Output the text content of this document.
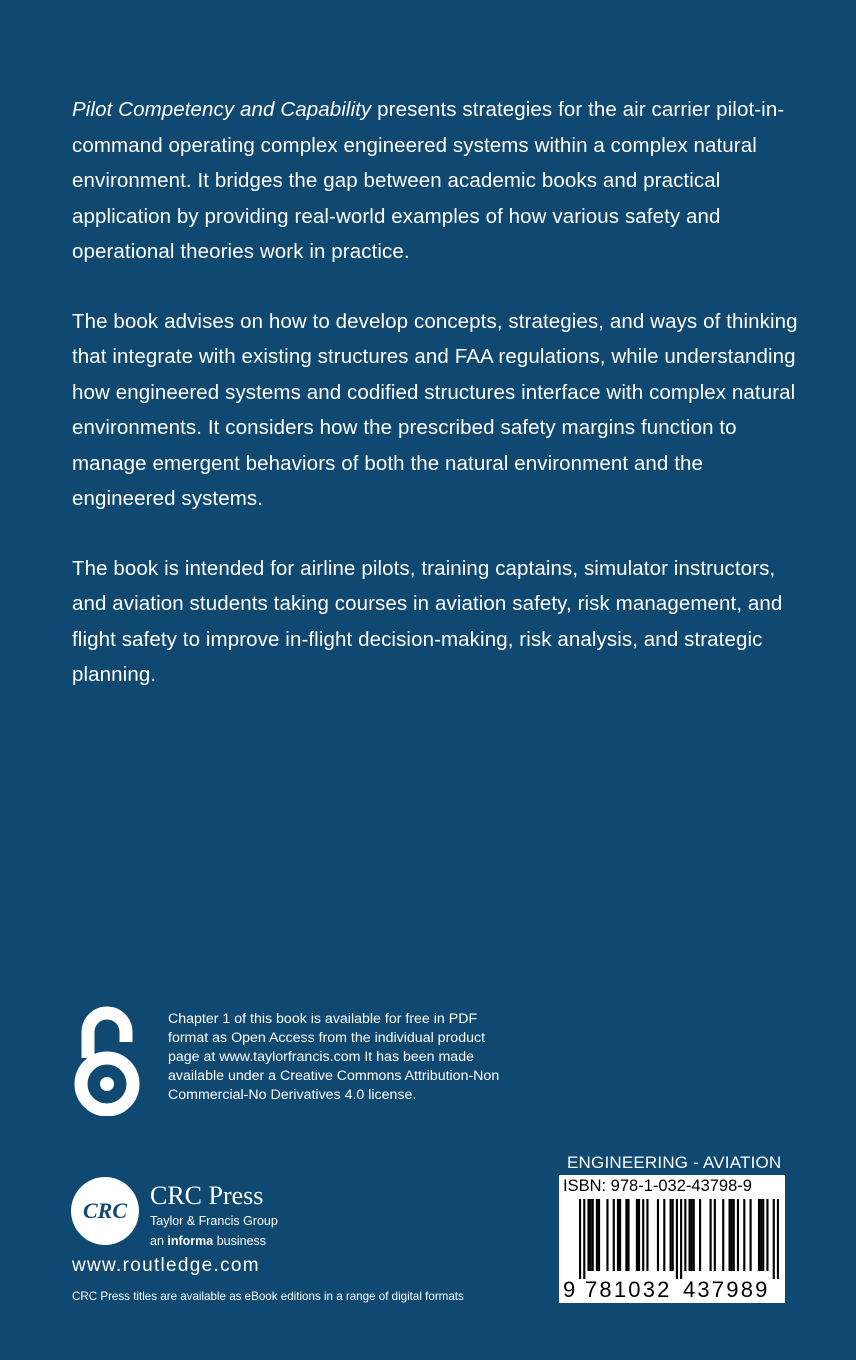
Pilot Competency and Capability presents strategies for the air carrier pilot-in-command operating complex engineered systems within a complex natural environment. It bridges the gap between academic books and practical application by providing real-world examples of how various safety and operational theories work in practice.

The book advises on how to develop concepts, strategies, and ways of thinking that integrate with existing structures and FAA regulations, while understanding how engineered systems and codified structures interface with complex natural environments. It considers how the prescribed safety margins function to manage emergent behaviors of both the natural environment and the engineered systems.

The book is intended for airline pilots, training captains, simulator instructors, and aviation students taking courses in aviation safety, risk management, and flight safety to improve in-flight decision-making, risk analysis, and strategic planning.

Chapter 1 of this book is available for free in PDF
format as Open Access from the individual product
page at www.taylorfrancis.com It has been made
available under a Creative Commons Attribution-Non
Commercial-No Derivatives 4.0 license.
CRC
CRC Press
Taylor & Francis Group
an informa business
www.routledge.com
CRC Press titles are available as eBook editions in a range of digital formats
ENGINEERING - AVIATION
ISBN: 978-1-032-43798-9
9 781032 437989
